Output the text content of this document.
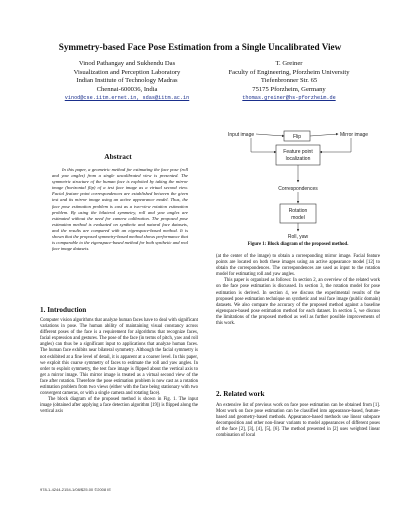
Symmetry-based Face Pose Estimation from a Single Uncalibrated View
Vinod Pathangay and Sukhendu Das
Visualization and Perception Laboratory
Indian Institute of Technology Madras
Chennai-600036, India
vinod@cse.iitm.ernet.in, sdas@iitm.ac.in
T. Greiner
Faculty of Engineering, Pforzheim University
Tiefenbronner Str. 65
75175 Pforzheim, Germany
thomas.greiner@hs-pforzheim.de
Abstract

In this paper, a geometric method for estimating the face pose (roll and yaw angles) from a single uncalibrated view is presented. The symmetric structure of the human face is exploited by taking the mirror image (horizontal flip) of a test face image as a virtual second view. Facial feature point correspondences are established between the given test and its mirror image using an active appearance model. Thus, the face pose estimation problem is cast as a two-view rotation estimation problem. By using the bilateral symmetry, roll and yaw angles are estimated without the need for camera calibration. The proposed pose estimation method is evaluated on synthetic and natural face datasets, and the results are compared with an eigenspace-based method. It is shown that the proposed symmetry-based method shows performance that is comparable to the eigenspace-based method for both synthetic and real face image datasets.

1. Introduction

Computer vision algorithms that analyze human faces have to deal with significant variations in pose. The human ability of maintaining visual constancy across different poses of the face is a requirement for algorithms that recognize faces, facial expression and gestures. The pose of the face (in terms of pitch, yaw and roll angles) can thus be a significant input to applications that analyze human faces. The human face exhibits near bilateral symmetry. Although the facial symmetry is not exhibited at a fine level of detail, it is apparent at a coarser level. In this paper, we exploit this coarse symmetry of faces to estimate the roll and yaw angles. In order to exploit symmetry, the test face image is flipped about the vertical axis to get a mirror image. This mirror image is treated as a virtual second view of the face after rotation. Therefore the pose estimation problem is now cast as a rotation estimation problem from two views (either with the face being stationary with two convergent cameras, or with a single camera and rotating face).

The block diagram of the proposed method is shown in Fig. 1. The input image (obtained after applying a face detection algorithm [19]) is flipped along the vertical axis

Input image	Mirror image
Flip
Feature point
localization
Correspondences
Rotation
model
Roll, yaw

Figure 1: Block diagram of the proposed method.

(at the center of the image) to obtain a corresponding mirror image. Facial feature points are located on both these images using an active appearance model [12] to obtain the correspondences. The correspondences are used as input to the rotation model for estimating roll and yaw angles.

This paper is organized as follows: In section 2, an overview of the related work on the face pose estimation is discussed. In section 3, the rotation model for pose estimation is derived. In section 4, we discuss the experimental results of the proposed pose estimation technique on synthetic and real face image (public domain) datasets. We also compare the accuracy of the proposed method against a baseline eigenspace-based pose estimation method for each dataset. In section 5, we discuss the limitations of the proposed method as well as further possible improvements of this work.

2. Related work

An extensive list of previous work on face pose estimation can be obtained from [1]. Most work on face pose estimation can be classified into appearance-based, feature-based and geometry-based methods. Appearance-based methods use linear subspace decomposition and other non-linear variants to model appearances of different poses of the face [2], [3], [4], [5], [6]. The method presented in [2] uses weighted linear combination of local

978-1-4244-2154-1/08/$25.00 ©2008 IE
